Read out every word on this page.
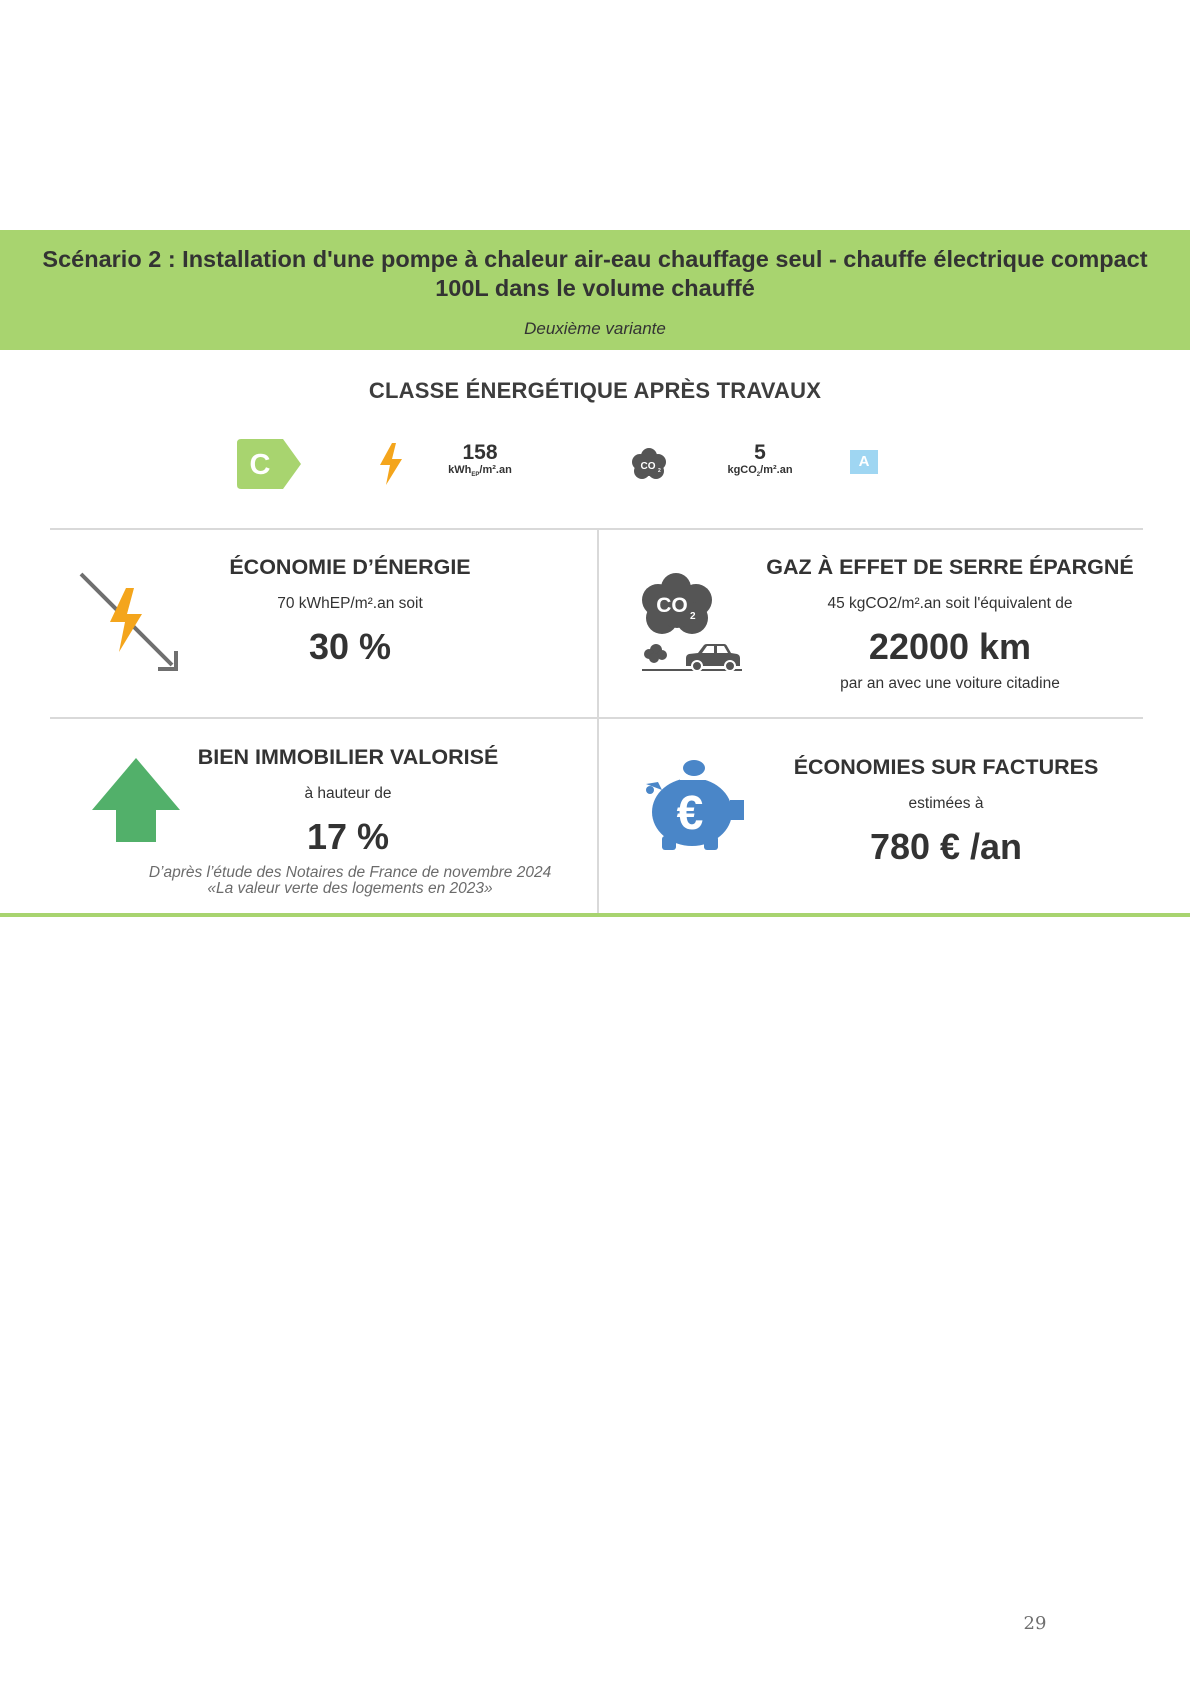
Scénario 2 : Installation d'une pompe à chaleur air-eau chauffage seul - chauffe électrique compact 100L dans le volume chauffé
Deuxième variante
CLASSE ÉNERGÉTIQUE APRÈS TRAVAUX
C	158
kWh$_{EP}$/m².an	CO 2
5
kgCO$_2$/m².an	A
ÉCONOMIE D’ÉNERGIE
70 kWhEP/m².an soit
30 %
CO 2
GAZ À EFFET DE SERRE ÉPARGNÉ
45 kgCO2/m².an soit l'équivalent de
22000 km
par an avec une voiture citadine
BIEN IMMOBILIER VALORISÉ
à hauteur de
17 %
D’après l’étude des Notaires de France de novembre 2024
«La valeur verte des logements en 2023»
€
ÉCONOMIES SUR FACTURES
estimées à
780 € /an
29
